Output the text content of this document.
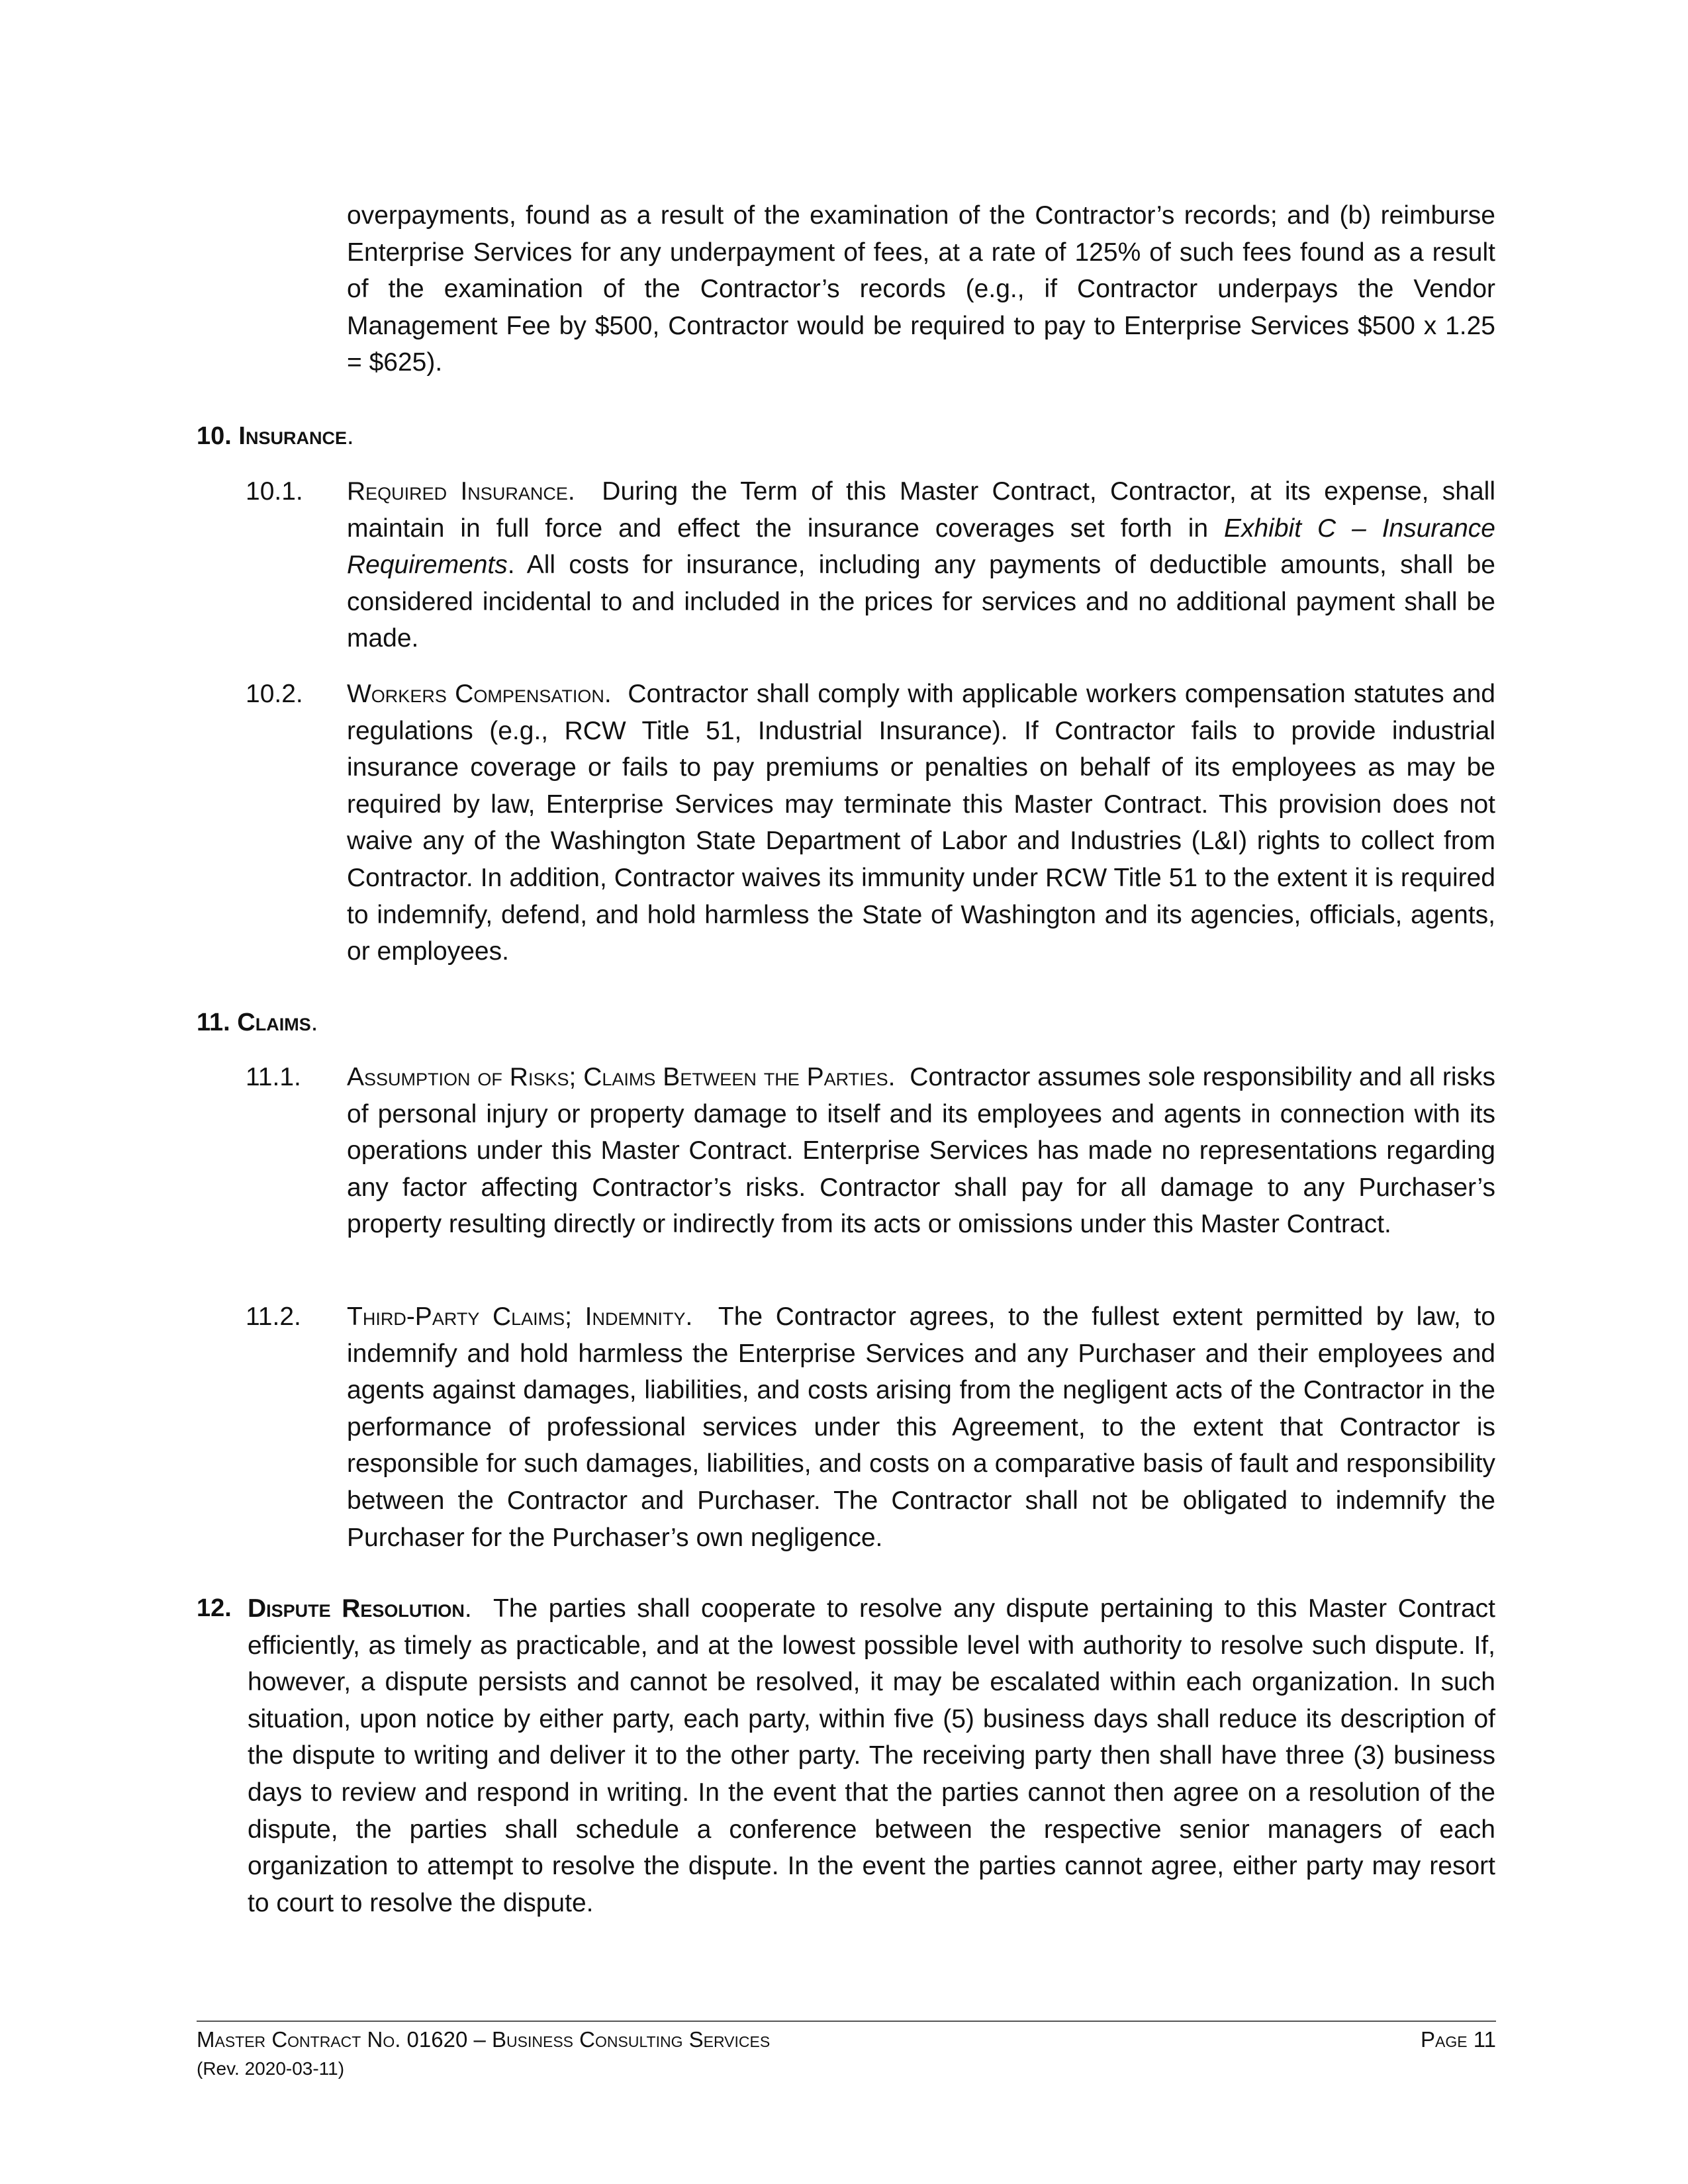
overpayments, found as a result of the examination of the Contractor’s records; and (b) reimburse Enterprise Services for any underpayment of fees, at a rate of 125% of such fees found as a result of the examination of the Contractor’s records (e.g., if Contractor underpays the Vendor Management Fee by $500, Contractor would be required to pay to Enterprise Services $500 x 1.25 = $625).

10. Insurance.
10.1. Required Insurance.  During the Term of this Master Contract, Contractor, at its expense, shall maintain in full force and effect the insurance coverages set forth in Exhibit C – Insurance Requirements. All costs for insurance, including any payments of deductible amounts, shall be considered incidental to and included in the prices for services and no additional payment shall be made.

10.2. Workers Compensation.  Contractor shall comply with applicable workers compensation statutes and regulations (e.g., RCW Title 51, Industrial Insurance). If Contractor fails to provide industrial insurance coverage or fails to pay premiums or penalties on behalf of its employees as may be required by law, Enterprise Services may terminate this Master Contract. This provision does not waive any of the Washington State Department of Labor and Industries (L&I) rights to collect from Contractor. In addition, Contractor waives its immunity under RCW Title 51 to the extent it is required to indemnify, defend, and hold harmless the State of Washington and its agencies, officials, agents, or employees.

11. Claims.
11.1. Assumption of Risks; Claims Between the Parties.  Contractor assumes sole responsibility and all risks of personal injury or property damage to itself and its employees and agents in connection with its operations under this Master Contract. Enterprise Services has made no representations regarding any factor affecting Contractor’s risks. Contractor shall pay for all damage to any Purchaser’s property resulting directly or indirectly from its acts or omissions under this Master Contract.

11.2. Third-Party Claims; Indemnity.  The Contractor agrees, to the fullest extent permitted by law, to indemnify and hold harmless the Enterprise Services and any Purchaser and their employees and agents against damages, liabilities, and costs arising from the negligent acts of the Contractor in the performance of professional services under this Agreement, to the extent that Contractor is responsible for such damages, liabilities, and costs on a comparative basis of fault and responsibility between the Contractor and Purchaser. The Contractor shall not be obligated to indemnify the Purchaser for the Purchaser’s own negligence.

12. Dispute Resolution.  The parties shall cooperate to resolve any dispute pertaining to this Master Contract efficiently, as timely as practicable, and at the lowest possible level with authority to resolve such dispute. If, however, a dispute persists and cannot be resolved, it may be escalated within each organization. In such situation, upon notice by either party, each party, within five (5) business days shall reduce its description of the dispute to writing and deliver it to the other party. The receiving party then shall have three (3) business days to review and respond in writing. In the event that the parties cannot then agree on a resolution of the dispute, the parties shall schedule a conference between the respective senior managers of each organization to attempt to resolve the dispute. In the event the parties cannot agree, either party may resort to court to resolve the dispute.

Master Contract No. 01620 – Business Consulting Services
(Rev. 2020-03-11)
Page 11
